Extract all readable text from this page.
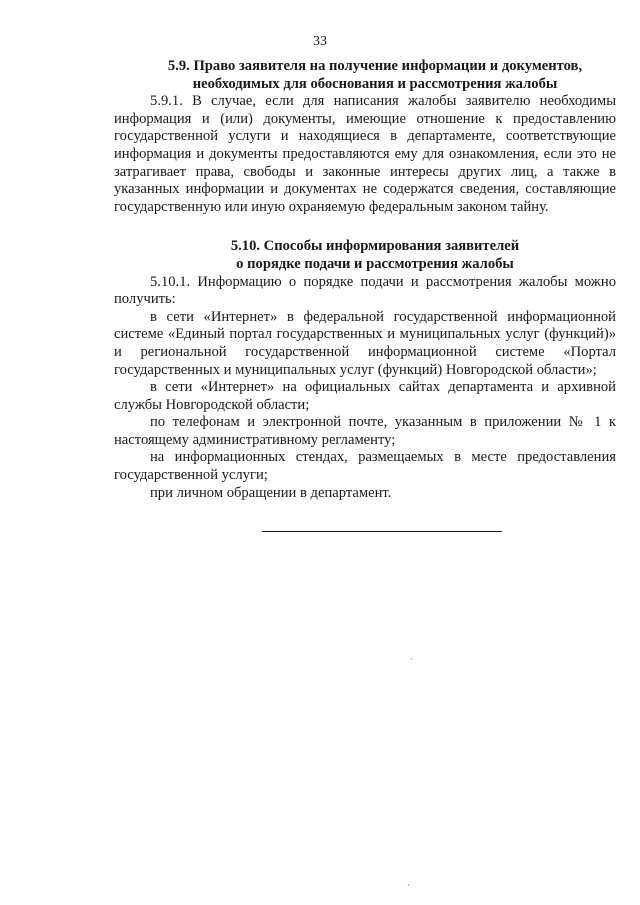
33
5.9. Право заявителя на получение информации и документов,
необходимых для обоснования и рассмотрения жалобы

5.9.1. В случае, если для написания жалобы заявителю необходимы информация и (или) документы, имеющие отношение к предоставлению государственной услуги и находящиеся в департаменте, соответствующие информация и документы предоставляются ему для ознакомления, если это не затрагивает права, свободы и законные интересы других лиц, а также в указанных информации и документах не содержатся сведения, составляющие государственную или иную охраняемую федеральным законом тайну.

5.10. Способы информирования заявителей
о порядке подачи и рассмотрения жалобы

5.10.1. Информацию о порядке подачи и рассмотрения жалобы можно получить:

в сети «Интернет» в федеральной государственной информационной системе «Единый портал государственных и муниципальных услуг (функций)» и региональной государственной информационной системе «Портал государственных и муниципальных услуг (функций) Новгородской области»;

в сети «Интернет» на официальных сайтах департамента и архивной службы Новгородской области;

по телефонам и электронной почте, указанным в приложении № 1 к настоящему административному регламенту;

на информационных стендах, размещаемых в месте предоставления государственной услуги;

при личном обращении в департамент.

ˏ
·
